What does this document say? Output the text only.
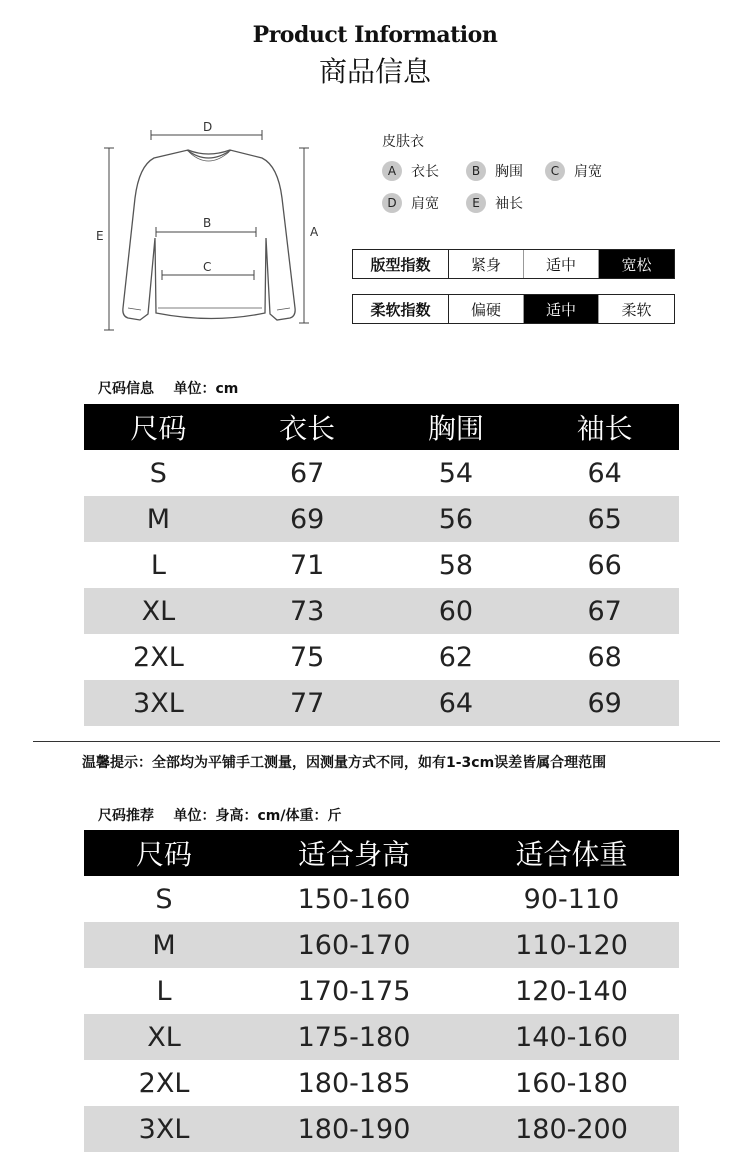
Product Information
商品信息
D
B
C
E	A
皮肤衣
A	衣长	B	胸围	C	肩宽
D	肩宽	E	袖长
版型指数	紧身	适中	宽松
柔软指数	偏硬	适中	柔软
尺码信息    单位：cm
尺码	衣长	胸围	袖长
S	67	54	64
M	69	56	65
L	71	58	66
XL	73	60	67
2XL	75	62	68
3XL	77	64	69
温馨提示：全部均为平铺手工测量，因测量方式不同，如有1-3cm误差皆属合理范围
尺码推荐    单位：身高：cm/体重：斤
尺码	适合身高	适合体重
S	150-160	90-110
M	160-170	110-120
L	170-175	120-140
XL	175-180	140-160
2XL	180-185	160-180
3XL	180-190	180-200
